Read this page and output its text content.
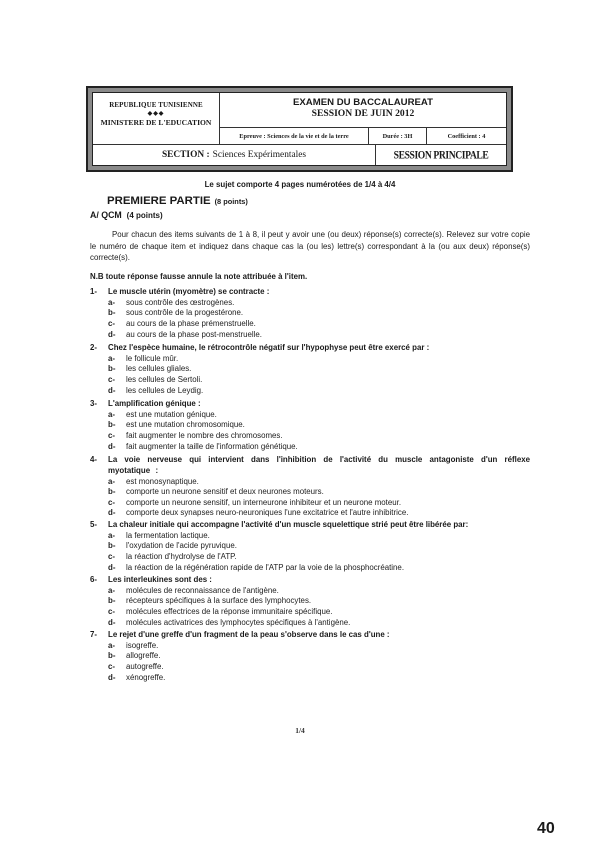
REPUBLIQUE TUNISIENNE
◆◆◆
MINISTERE DE L'EDUCATION
EXAMEN DU BACCALAUREAT
SESSION DE JUIN 2012
Epreuve : Sciences de la vie et de la terre	Durée : 3H	Coefficient : 4
SECTION : Sciences Expérimentales	SESSION PRINCIPALE
Le sujet comporte 4 pages numérotées de 1/4 à 4/4
PREMIERE PARTIE (8 points)
A/ QCM (4 points)
Pour chacun des items suivants de 1 à 8, il peut y avoir une (ou deux) réponse(s) correcte(s). Relevez sur votre copie le numéro de chaque item et indiquez dans chaque cas la (ou les) lettre(s) correspondant à la (ou aux deux) réponse(s) correcte(s).
N.B toute réponse fausse annule la note attribuée à l'item.
1-	Le muscle utérin (myomètre) se contracte :
a-	sous contrôle des œstrogènes.
b-	sous contrôle de la progestérone.
c-	au cours de la phase prémenstruelle.
d-	au cours de la phase post-menstruelle.
2-	Chez l'espèce humaine, le rétrocontrôle négatif sur l'hypophyse peut être exercé par :
a-	le follicule mûr.
b-	les cellules gliales.
c-	les cellules de Sertoli.
d-	les cellules de Leydig.
3-	L'amplification génique :
a-	est une mutation génique.
b-	est une mutation chromosomique.
c-	fait augmenter le nombre des chromosomes.
d-	fait augmenter la taille de l'information génétique.
4-	La voie nerveuse qui intervient dans l'inhibition de l'activité du muscle antagoniste d'un réflexe myotatique :
a-	est monosynaptique.
b-	comporte un neurone sensitif et deux neurones moteurs.
c-	comporte un neurone sensitif, un interneurone inhibiteur et un neurone moteur.
d-	comporte deux synapses neuro-neuroniques l'une excitatrice et l'autre inhibitrice.
5-	La chaleur initiale qui accompagne l'activité d'un muscle squelettique strié peut être libérée par:
a-	la fermentation lactique.
b-	l'oxydation de l'acide pyruvique.
c-	la réaction d'hydrolyse de l'ATP.
d-	la réaction de la régénération rapide de l'ATP par la voie de la phosphocréatine.
6-	Les interleukines sont des :
a-	molécules de reconnaissance de l'antigène.
b-	récepteurs spécifiques à la surface des lymphocytes.
c-	molécules effectrices de la réponse immunitaire spécifique.
d-	molécules activatrices des lymphocytes spécifiques à l'antigène.
7-	Le rejet d'une greffe d'un fragment de la peau s'observe dans le cas d'une :
a-	isogreffe.
b-	allogreffe.
c-	autogreffe.
d-	xénogreffe.
1/4
40
